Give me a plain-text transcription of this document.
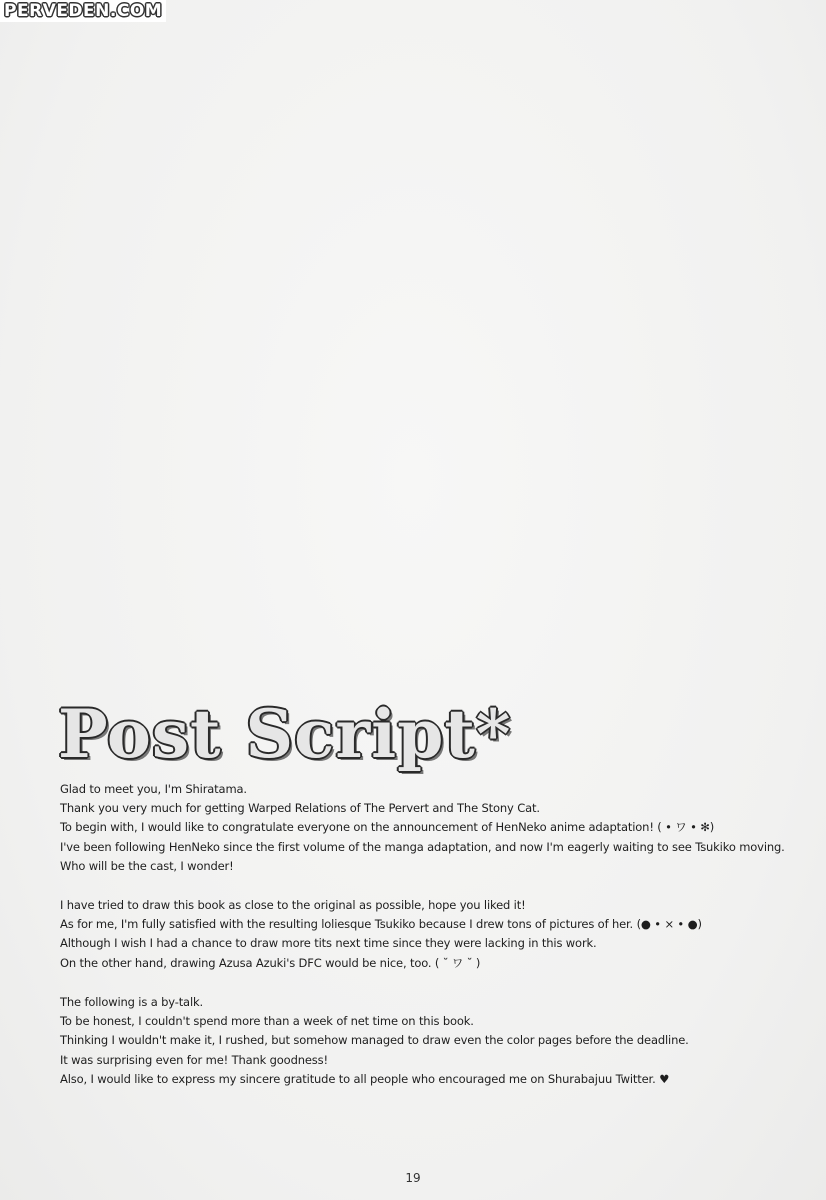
PERVEDEN.COM
Post Script*
Glad to meet you, I'm Shiratama.
Thank you very much for getting Warped Relations of The Pervert and The Stony Cat.
To begin with, I would like to congratulate everyone on the announcement of HenNeko anime adaptation! ( • ワ • ✻)
I've been following HenNeko since the first volume of the manga adaptation, and now I'm eagerly waiting to see Tsukiko moving.
Who will be the cast, I wonder!
I have tried to draw this book as close to the original as possible, hope you liked it!
As for me, I'm fully satisfied with the resulting loliesque Tsukiko because I drew tons of pictures of her. (● • × • ●)
Although I wish I had a chance to draw more tits next time since they were lacking in this work.
On the other hand, drawing Azusa Azuki's DFC would be nice, too. ( ˘ ワ ˘ )
The following is a by-talk.
To be honest, I couldn't spend more than a week of net time on this book.
Thinking I wouldn't make it, I rushed, but somehow managed to draw even the color pages before the deadline.
It was surprising even for me! Thank goodness!
Also, I would like to express my sincere gratitude to all people who encouraged me on Shurabajuu Twitter. ♥
19
